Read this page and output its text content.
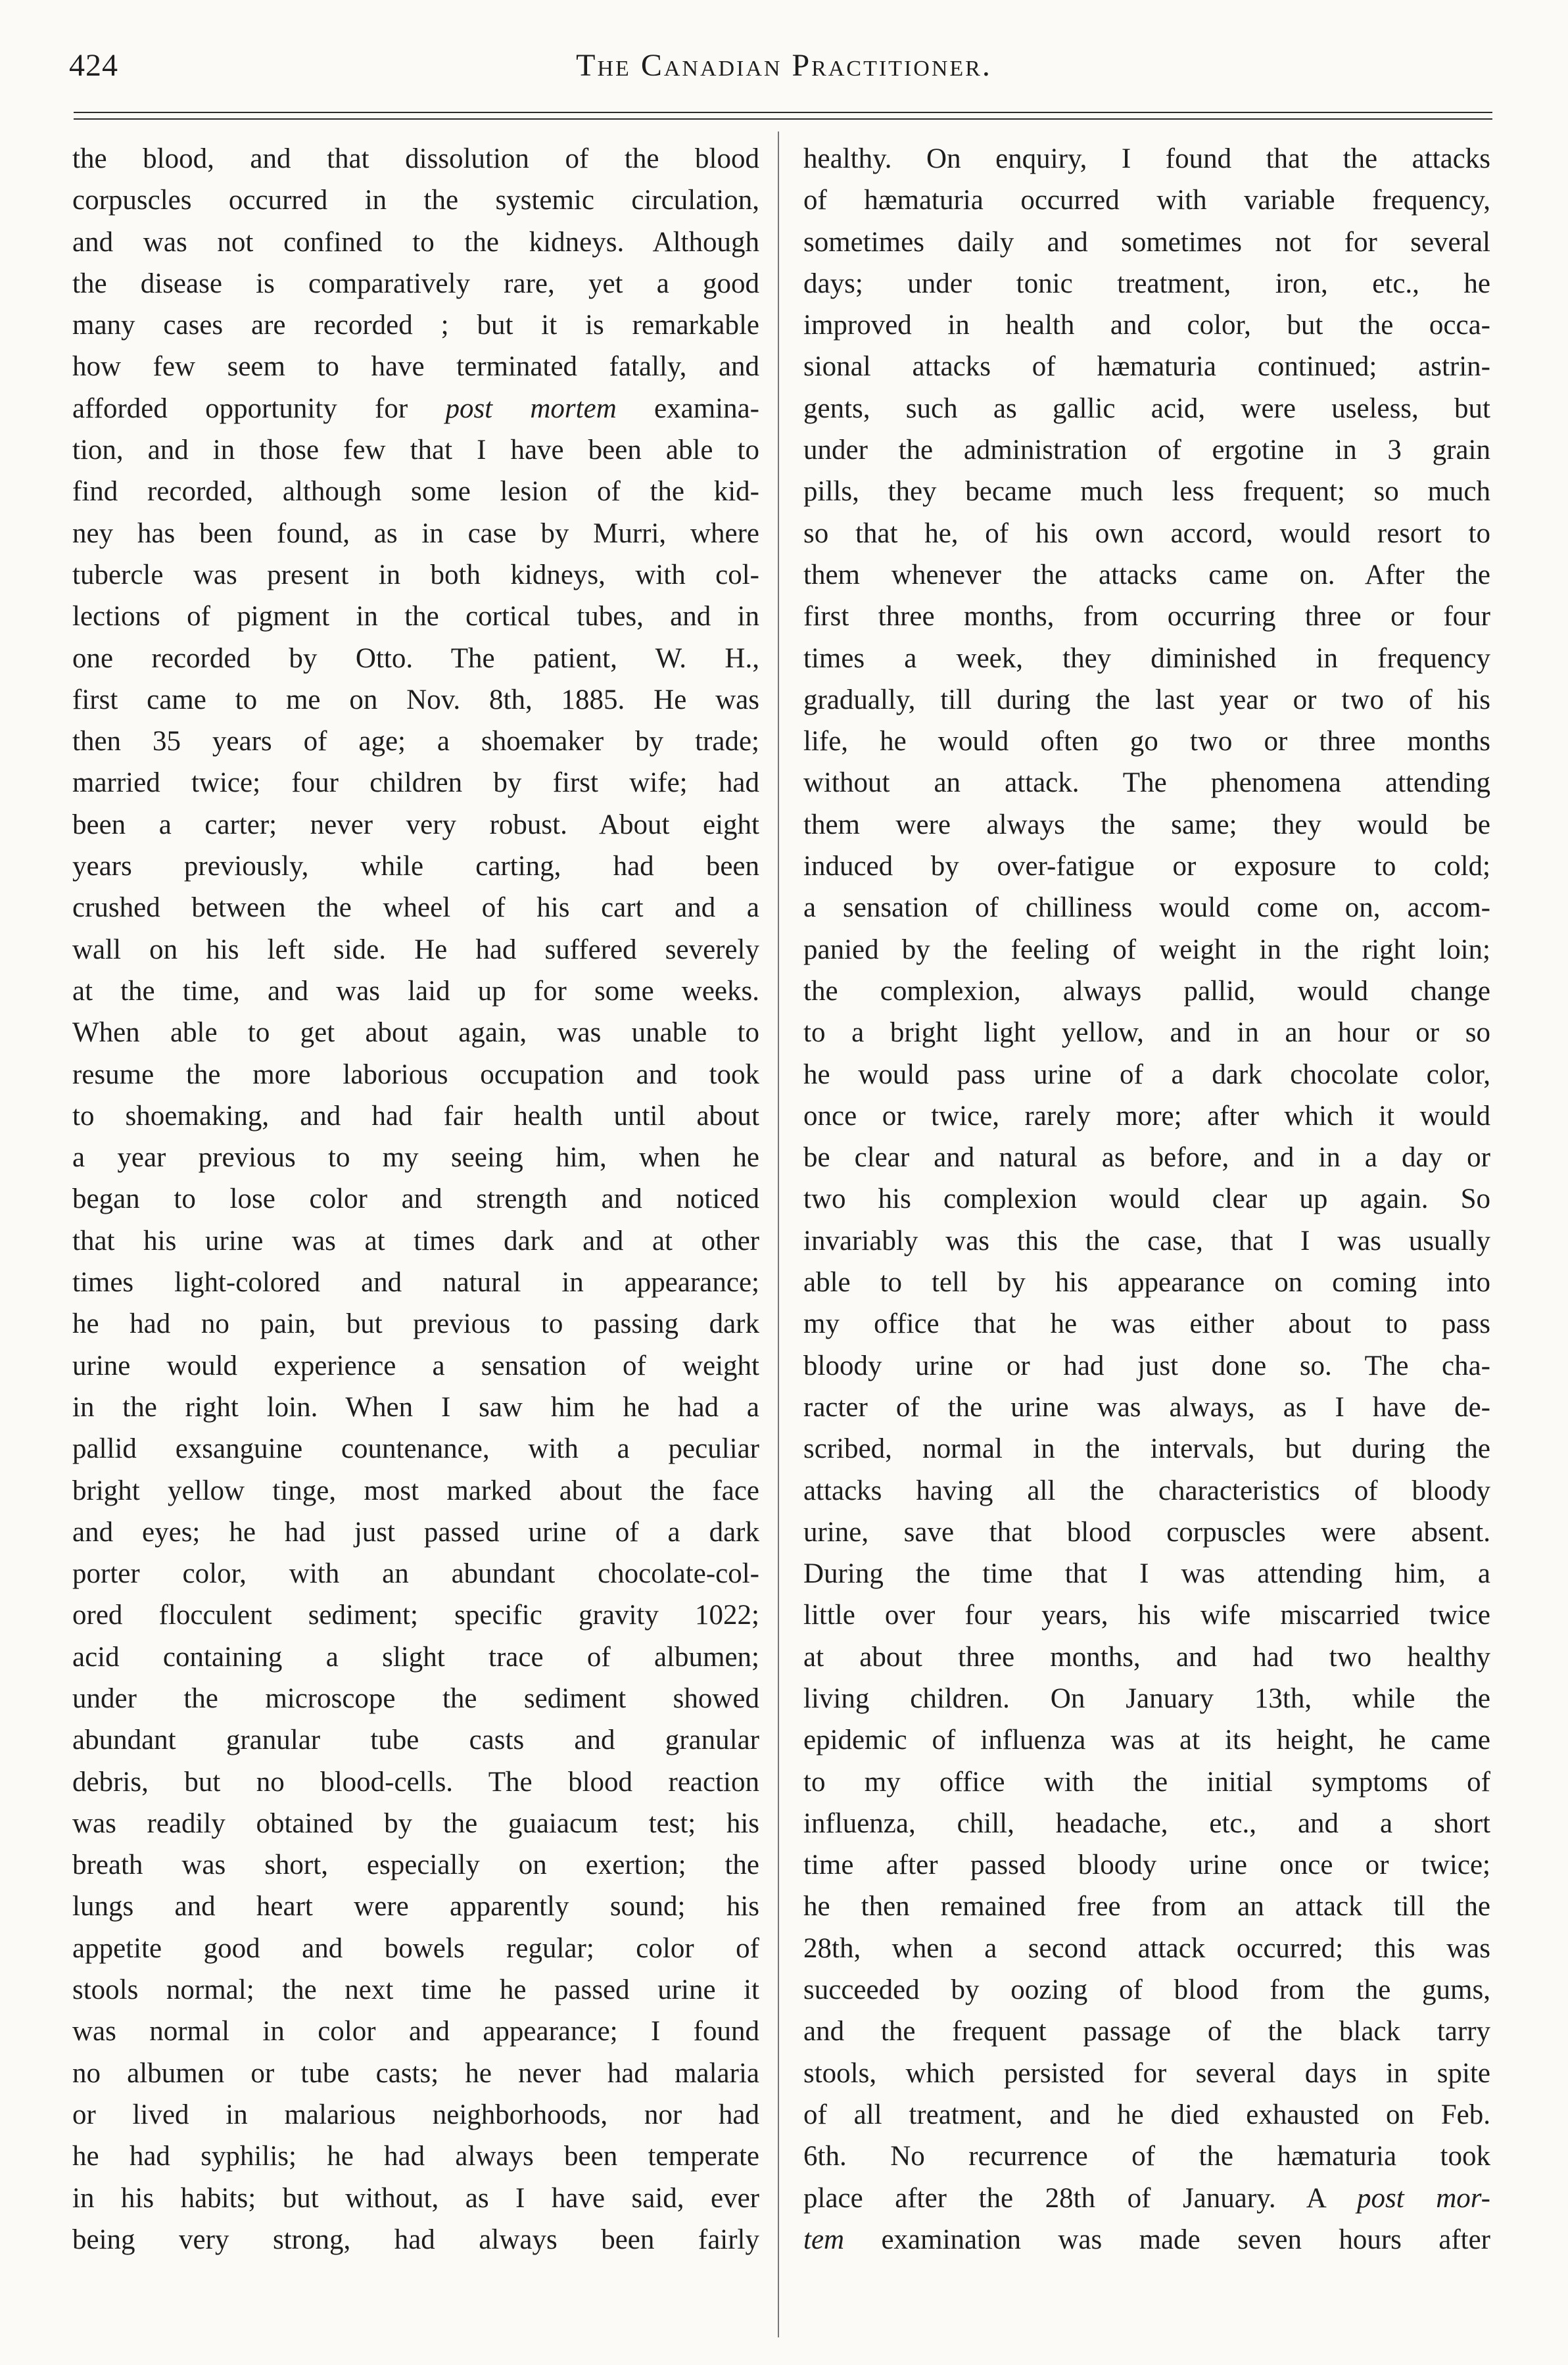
424	The Canadian Practitioner.
the blood, and that dissolution of the blood
corpuscles occurred in the systemic circulation,
and was not confined to the kidneys. Although
the disease is comparatively rare, yet a good
many cases are recorded ; but it is remarkable
how few seem to have terminated fatally, and
afforded opportunity for post mortem examina-
tion, and in those few that I have been able to
find recorded, although some lesion of the kid-
ney has been found, as in case by Murri, where
tubercle was present in both kidneys, with col-
lections of pigment in the cortical tubes, and in
one recorded by Otto. The patient, W. H.,
first came to me on Nov. 8th, 1885. He was
then 35 years of age; a shoemaker by trade;
married twice; four children by first wife; had
been a carter; never very robust. About eight
years previously, while carting, had been
crushed between the wheel of his cart and a
wall on his left side. He had suffered severely
at the time, and was laid up for some weeks.
When able to get about again, was unable to
resume the more laborious occupation and took
to shoemaking, and had fair health until about
a year previous to my seeing him, when he
began to lose color and strength and noticed
that his urine was at times dark and at other
times light-colored and natural in appearance;
he had no pain, but previous to passing dark
urine would experience a sensation of weight
in the right loin. When I saw him he had a
pallid exsanguine countenance, with a peculiar
bright yellow tinge, most marked about the face
and eyes; he had just passed urine of a dark
porter color, with an abundant chocolate-col-
ored flocculent sediment; specific gravity 1022;
acid containing a slight trace of albumen;
under the microscope the sediment showed
abundant granular tube casts and granular
debris, but no blood-cells. The blood reaction
was readily obtained by the guaiacum test; his
breath was short, especially on exertion; the
lungs and heart were apparently sound; his
appetite good and bowels regular; color of
stools normal; the next time he passed urine it
was normal in color and appearance; I found
no albumen or tube casts; he never had malaria
or lived in malarious neighborhoods, nor had
he had syphilis; he had always been temperate
in his habits; but without, as I have said, ever
being very strong, had always been fairly
healthy. On enquiry, I found that the attacks
of hæmaturia occurred with variable frequency,
sometimes daily and sometimes not for several
days; under tonic treatment, iron, etc., he
improved in health and color, but the occa-
sional attacks of hæmaturia continued; astrin-
gents, such as gallic acid, were useless, but
under the administration of ergotine in 3 grain
pills, they became much less frequent; so much
so that he, of his own accord, would resort to
them whenever the attacks came on. After the
first three months, from occurring three or four
times a week, they diminished in frequency
gradually, till during the last year or two of his
life, he would often go two or three months
without an attack. The phenomena attending
them were always the same; they would be
induced by over-fatigue or exposure to cold;
a sensation of chilliness would come on, accom-
panied by the feeling of weight in the right loin;
the complexion, always pallid, would change
to a bright light yellow, and in an hour or so
he would pass urine of a dark chocolate color,
once or twice, rarely more; after which it would
be clear and natural as before, and in a day or
two his complexion would clear up again. So
invariably was this the case, that I was usually
able to tell by his appearance on coming into
my office that he was either about to pass
bloody urine or had just done so. The cha-
racter of the urine was always, as I have de-
scribed, normal in the intervals, but during the
attacks having all the characteristics of bloody
urine, save that blood corpuscles were absent.
During the time that I was attending him, a
little over four years, his wife miscarried twice
at about three months, and had two healthy
living children. On January 13th, while the
epidemic of influenza was at its height, he came
to my office with the initial symptoms of
influenza, chill, headache, etc., and a short
time after passed bloody urine once or twice;
he then remained free from an attack till the
28th, when a second attack occurred; this was
succeeded by oozing of blood from the gums,
and the frequent passage of the black tarry
stools, which persisted for several days in spite
of all treatment, and he died exhausted on Feb.
6th. No recurrence of the hæmaturia took
place after the 28th of January. A post mor-
tem examination was made seven hours after
